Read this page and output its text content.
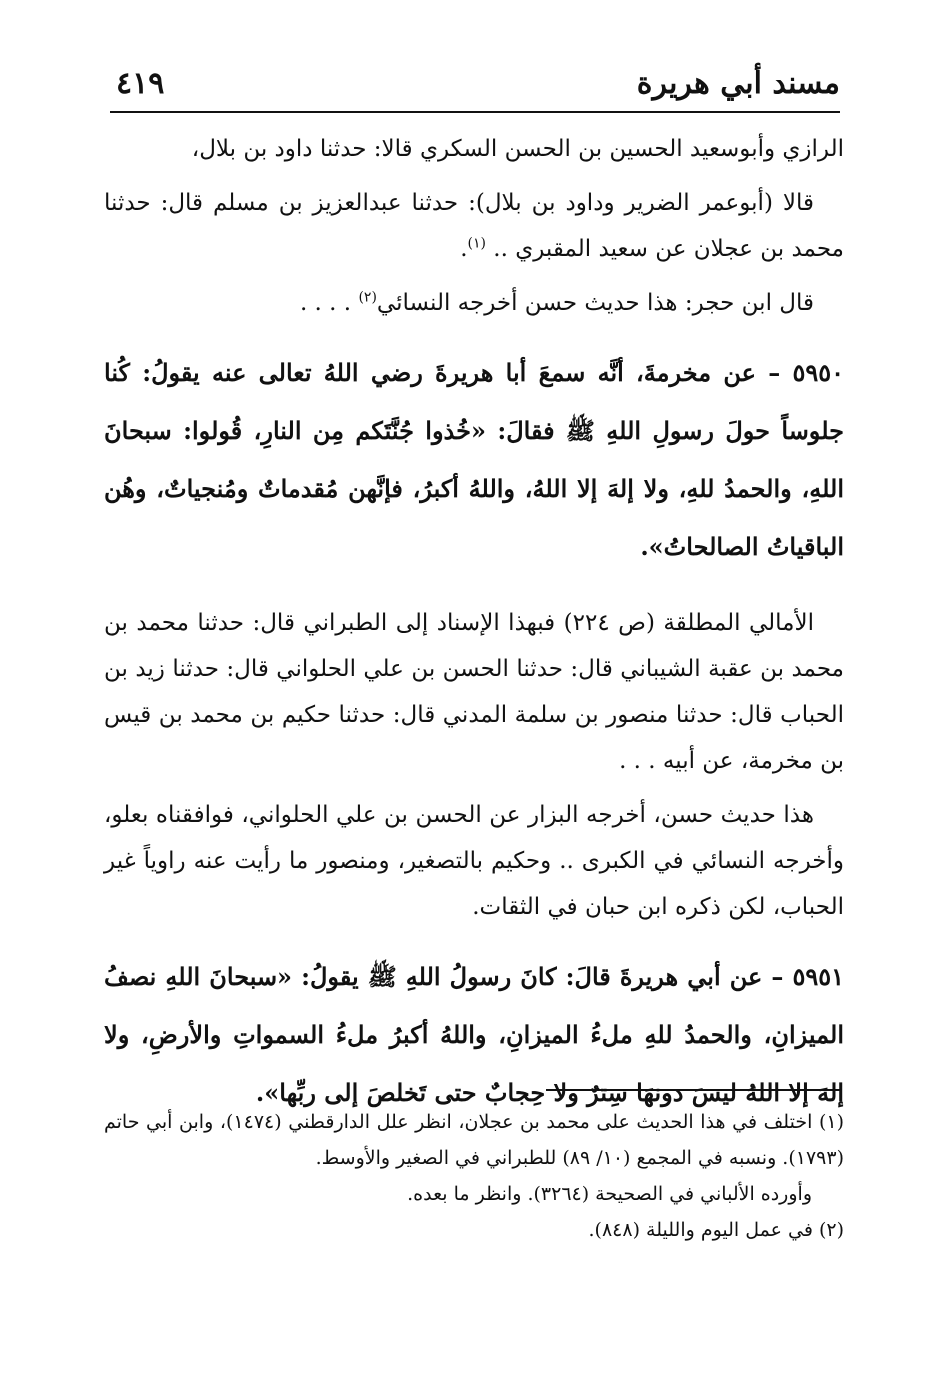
مسند أبي هريرة
٤١٩

الرازي وأبوسعيد الحسين بن الحسن السكري قالا: حدثنا داود بن بلال،

قالا (أبوعمر الضرير وداود بن بلال): حدثنا عبدالعزيز بن مسلم قال: حدثنا محمد بن عجلان عن سعيد المقبري .. $^{(١)}$.

قال ابن حجر: هذا حديث حسن أخرجه النسائي$^{(٢)}$ . . . .

٥٩٥٠ – عن مخرمةَ، أنَّه سمعَ أبا هريرةَ رضي اللهُ تعالى عنه يقولُ: كُنا جلوساً حولَ رسولِ اللهِ ﷺ فقالَ: «خُذوا جُنَّتَكم مِن النارِ، قُولوا: سبحانَ اللهِ، والحمدُ للهِ، ولا إلهَ إلا اللهُ، واللهُ أكبرُ، فإنَّهن مُقدماتٌ ومُنجياتٌ، وهُن الباقياتُ الصالحاتُ».

الأمالي المطلقة (ص ٢٢٤) فبهذا الإسناد إلى الطبراني قال: حدثنا محمد بن محمد بن عقبة الشيباني قال: حدثنا الحسن بن علي الحلواني قال: حدثنا زيد بن الحباب قال: حدثنا منصور بن سلمة المدني قال: حدثنا حكيم بن محمد بن قيس بن مخرمة، عن أبيه . . .

هذا حديث حسن، أخرجه البزار عن الحسن بن علي الحلواني، فوافقناه بعلو، وأخرجه النسائي في الكبرى .. وحكيم بالتصغير، ومنصور ما رأيت عنه راوياً غير الحباب، لكن ذكره ابن حبان في الثقات.

٥٩٥١ – عن أبي هريرةَ قالَ: كانَ رسولُ اللهِ ﷺ يقولُ: «سبحانَ اللهِ نصفُ الميزانِ، والحمدُ للهِ ملءُ الميزانِ، واللهُ أكبرُ ملءُ السمواتِ والأرضِ، ولا إلهَ إلا اللهُ ليسَ دونهَا سِترٌ ولا حِجابٌ حتى تَخلصَ إلى ربِّها».

(١) اختلف في هذا الحديث على محمد بن عجلان، انظر علل الدارقطني (١٤٧٤)، وابن أبي حاتم (١٧٩٣). ونسبه في المجمع (١٠/ ٨٩) للطبراني في الصغير والأوسط.

وأورده الألباني في الصحيحة (٣٢٦٤). وانظر ما بعده.

(٢) في عمل اليوم والليلة (٨٤٨).
